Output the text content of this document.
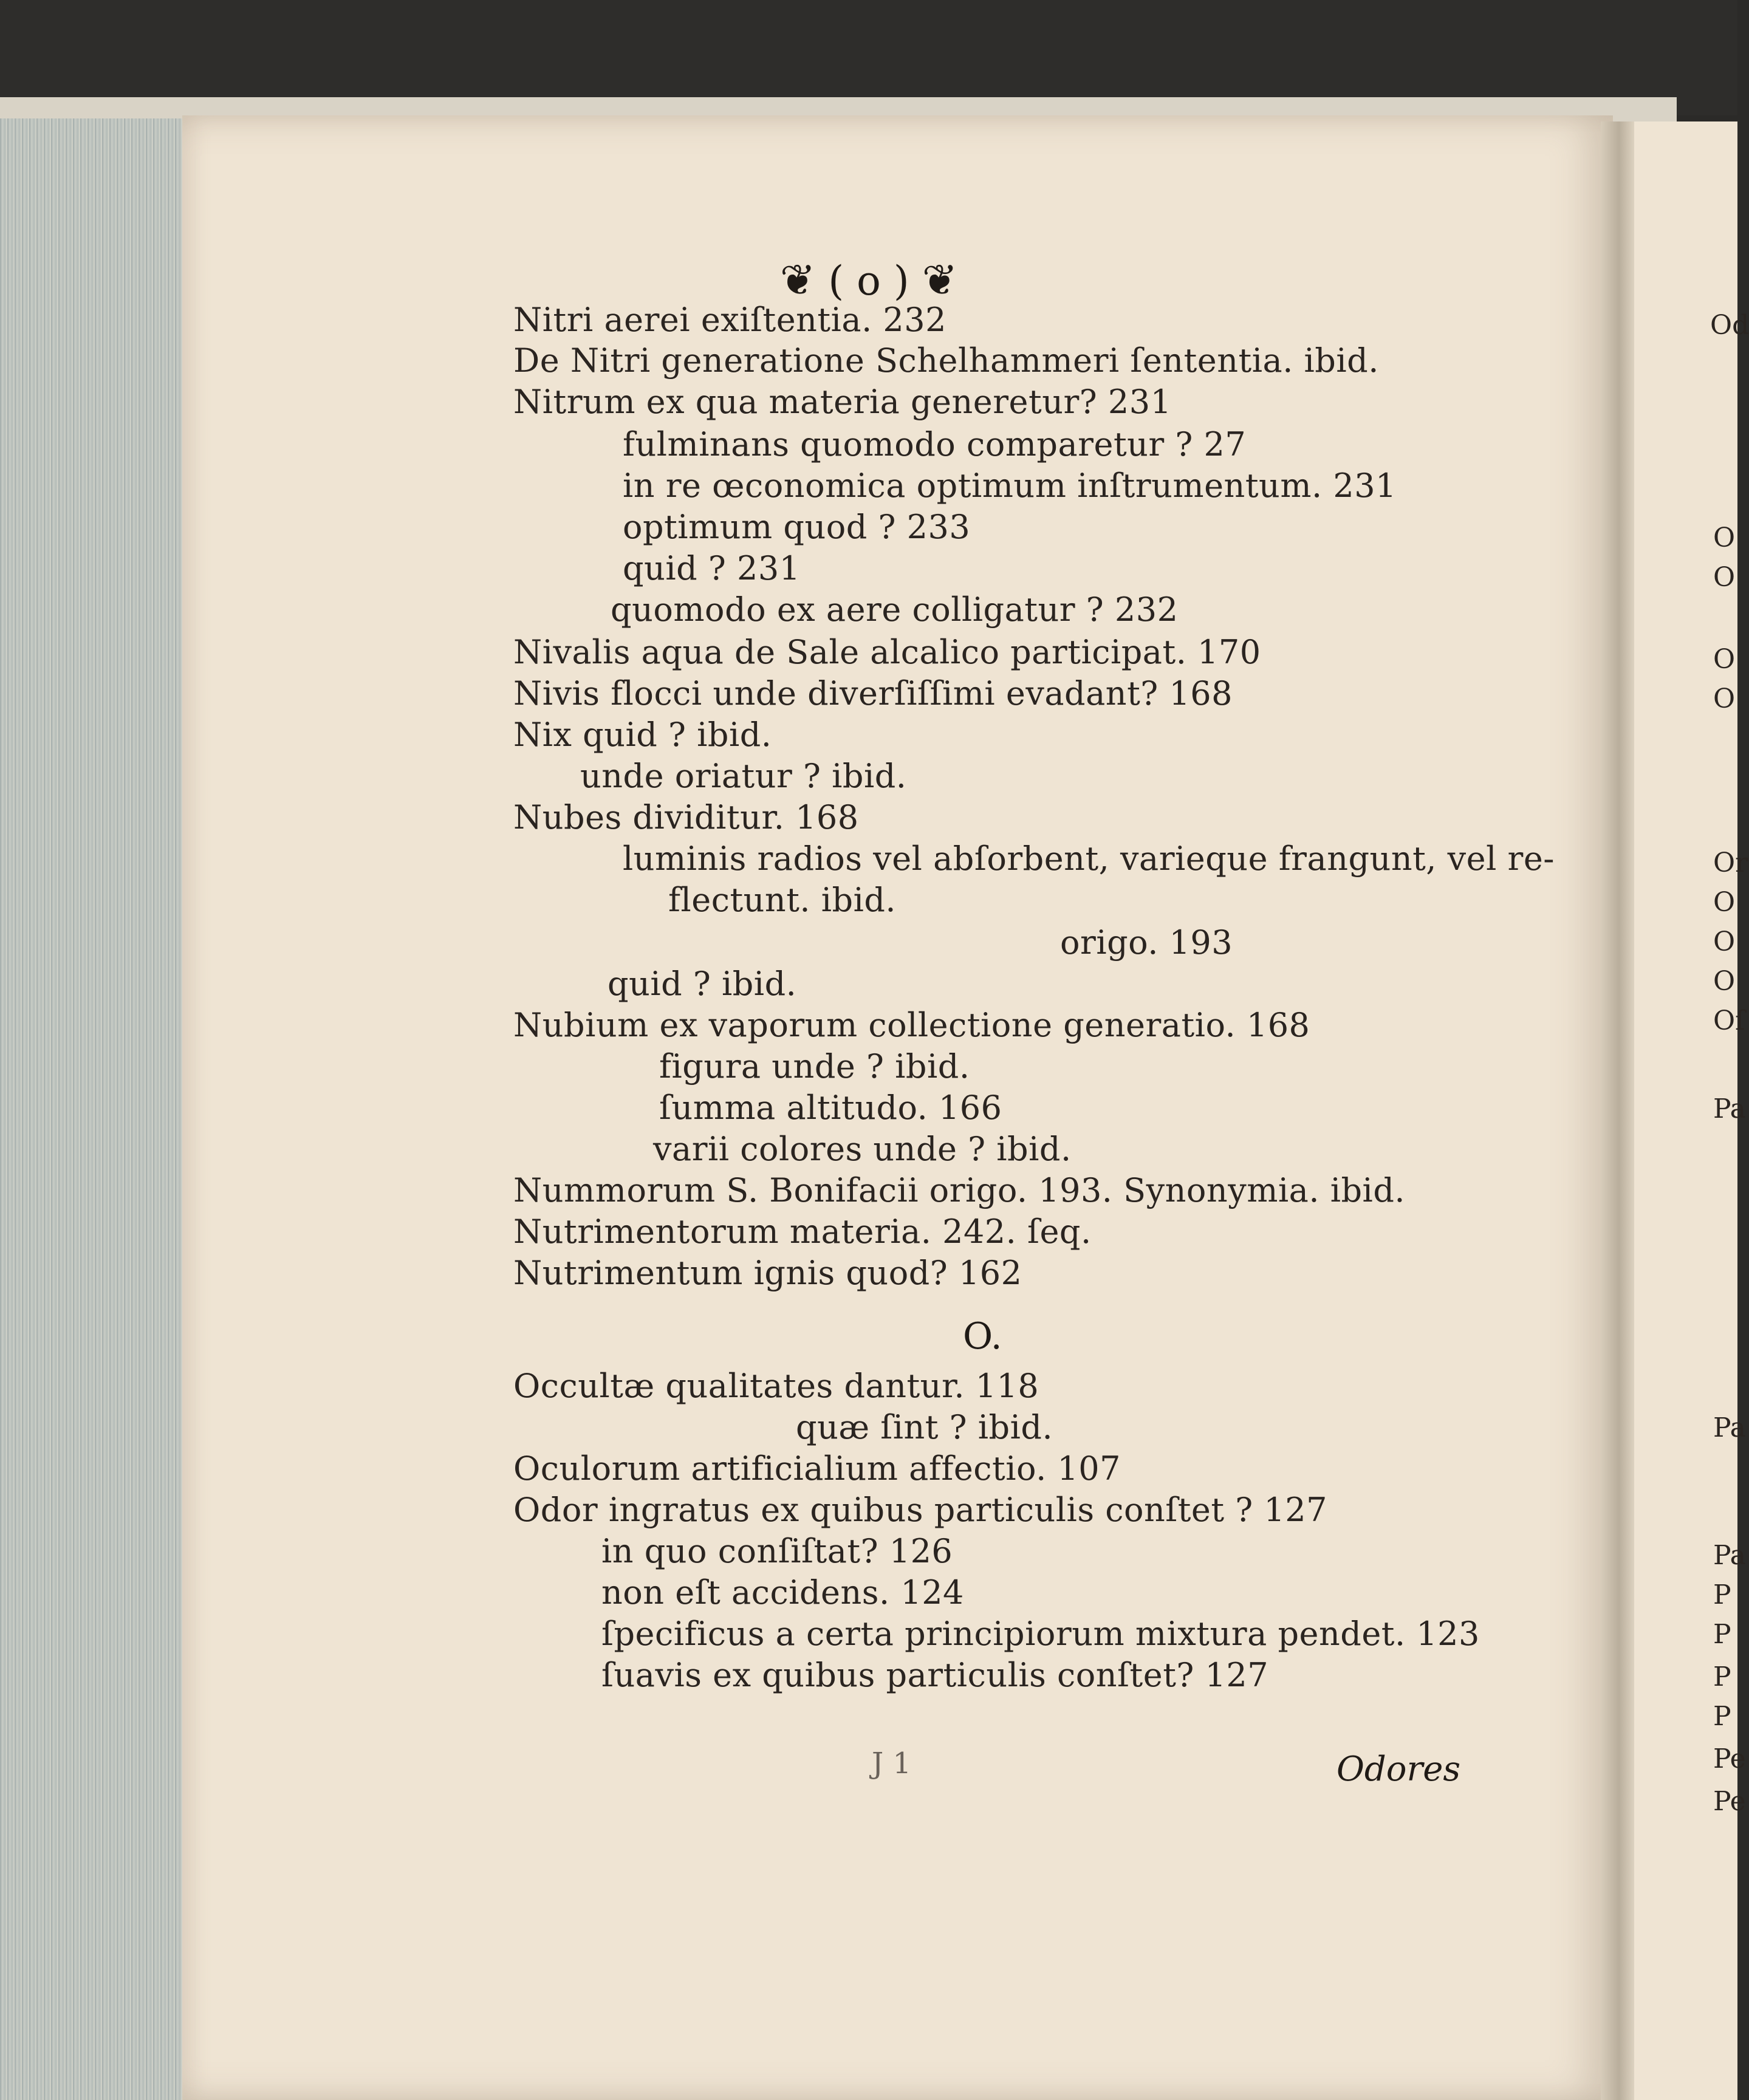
Od
O
O
O
O
Or
O
O
O
Oſ
Pa
Pa
Pa
P
P
P
P
Pe
Pe
❦ ( o ) ❦
Nitri aerei exiſtentia. 232
De Nitri generatione Schelhammeri ſententia. ibid.
Nitrum ex qua materia generetur? 231
fulminans quomodo comparetur ? 27
in re œconomica optimum inſtrumentum. 231
optimum quod ? 233
quid ? 231
quomodo ex aere colligatur ? 232
Nivalis aqua de Sale alcalico participat. 170
Nivis flocci unde diverſiſſimi evadant? 168
Nix quid ? ibid.
unde oriatur ? ibid.
Nubes dividitur. 168
luminis radios vel abſorbent, varieque frangunt, vel re-
flectunt. ibid.
origo. 193
quid ? ibid.
Nubium ex vaporum collectione generatio. 168
figura unde ? ibid.
ſumma altitudo. 166
varii colores unde ? ibid.
Nummorum S. Bonifacii origo. 193. Synonymia. ibid.
Nutrimentorum materia. 242. ſeq.
Nutrimentum ignis quod? 162
O.
Occultæ qualitates dantur. 118
quæ ſint ? ibid.
Oculorum artificialium affectio. 107
Odor ingratus ex quibus particulis conſtet ? 127
in quo conſiſtat? 126
non eſt accidens. 124
ſpecificus a certa principiorum mixtura pendet. 123
ſuavis ex quibus particulis conſtet? 127
J 1	Odores
